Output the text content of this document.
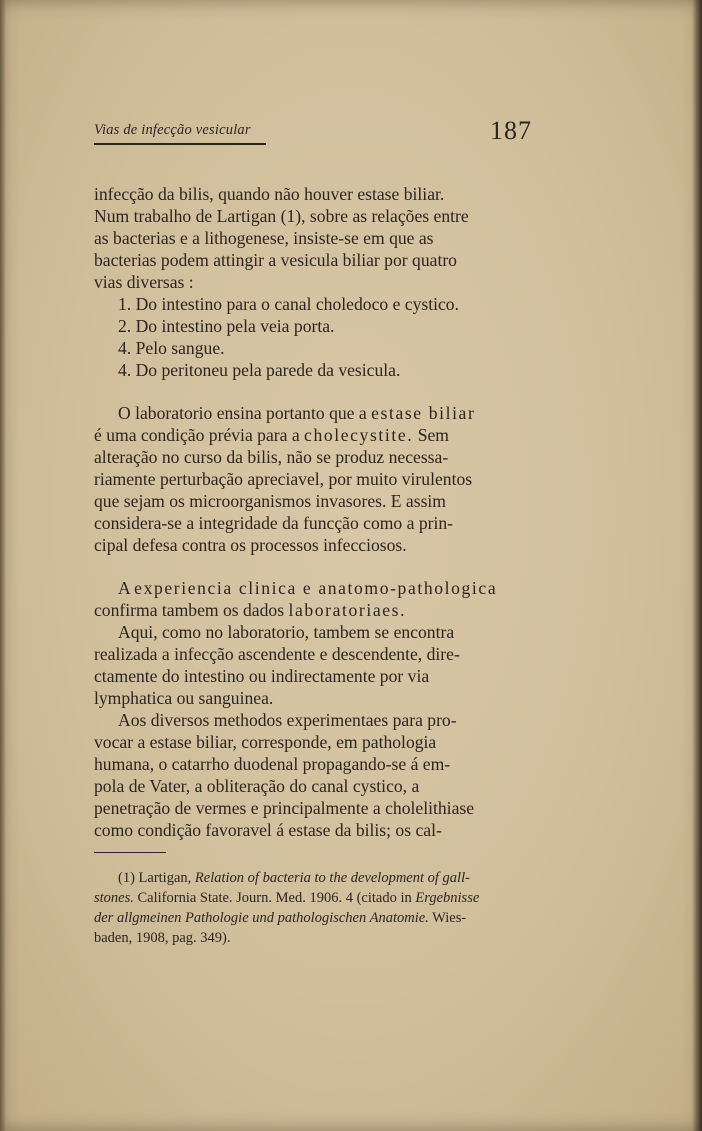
Vias de infecção vesicular	187

infecção da bilis, quando não houver estase biliar.
Num trabalho de Lartigan (1), sobre as relações entre
as bacterias e a lithogenese, insiste-se em que as
bacterias podem attingir a vesicula biliar por quatro
vias diversas :

1. Do intestino para o canal choledoco e cystico.
2. Do intestino pela veia porta.
4. Pelo sangue.
4. Do peritoneu pela parede da vesicula.

O laboratorio ensina portanto que a estase biliar
é uma condição prévia para a cholecystite. Sem
alteração no curso da bilis, não se produz necessa-
riamente perturbação apreciavel, por muito virulentos
que sejam os microorganismos invasores. E assim
considera-se a integridade da funcção como a prin-
cipal defesa contra os processos infecciosos.

A experiencia clinica e anatomo-pathologica
confirma tambem os dados laboratoriaes.

Aqui, como no laboratorio, tambem se encontra
realizada a infecção ascendente e descendente, dire-
ctamente do intestino ou indirectamente por via
lymphatica ou sanguinea.

Aos diversos methodos experimentaes para pro-
vocar a estase biliar, corresponde, em pathologia
humana, o catarrho duodenal propagando-se á em-
pola de Vater, a obliteração do canal cystico, a
penetração de vermes e principalmente a cholelithiase
como condição favoravel á estase da bilis; os cal-

(1) Lartigan, Relation of bacteria to the development of gall-
stones. California State. Journ. Med. 1906. 4 (citado in Ergebnisse
der allgmeinen Pathologie und pathologischen Anatomie. Wies-
baden, 1908, pag. 349).
